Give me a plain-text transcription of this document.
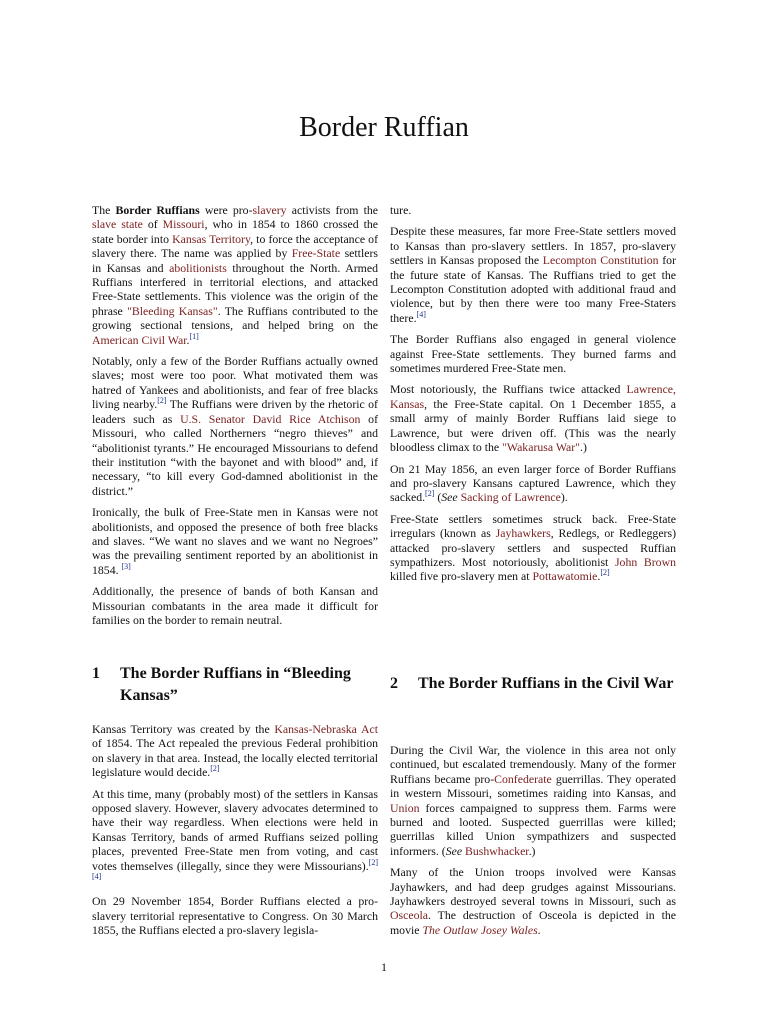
Border Ruffian

The Border Ruffians were pro-slavery activists from the slave state of Missouri, who in 1854 to 1860 crossed the state border into Kansas Territory, to force the acceptance of slavery there. The name was applied by Free-State settlers in Kansas and abolitionists throughout the North. Armed Ruffians interfered in territorial elections, and attacked Free-State settlements. This violence was the origin of the phrase "Bleeding Kansas". The Ruffians contributed to the growing sectional tensions, and helped bring on the American Civil War.[1]

Notably, only a few of the Border Ruffians actually owned slaves; most were too poor. What motivated them was hatred of Yankees and abolitionists, and fear of free blacks living nearby.[2] The Ruffians were driven by the rhetoric of leaders such as U.S. Senator David Rice Atchison of Missouri, who called Northerners “negro thieves” and “abolitionist tyrants.” He encouraged Missourians to defend their institution “with the bayonet and with blood” and, if necessary, “to kill every God-damned abolitionist in the district.”

Ironically, the bulk of Free-State men in Kansas were not abolitionists, and opposed the presence of both free blacks and slaves. “We want no slaves and we want no Negroes” was the prevailing sentiment reported by an abolitionist in 1854. [3]

Additionally, the presence of bands of both Kansan and Missourian combatants in the area made it difficult for families on the border to remain neutral.

ture.

Despite these measures, far more Free-State settlers moved to Kansas than pro-slavery settlers. In 1857, pro-slavery settlers in Kansas proposed the Lecompton Constitution for the future state of Kansas. The Ruffians tried to get the Lecompton Constitution adopted with additional fraud and violence, but by then there were too many Free-Staters there.[4]

The Border Ruffians also engaged in general violence against Free-State settlements. They burned farms and sometimes murdered Free-State men.

Most notoriously, the Ruffians twice attacked Lawrence, Kansas, the Free-State capital. On 1 December 1855, a small army of mainly Border Ruffians laid siege to Lawrence, but were driven off. (This was the nearly bloodless climax to the "Wakarusa War".)

On 21 May 1856, an even larger force of Border Ruffians and pro-slavery Kansans captured Lawrence, which they sacked.[2] (See Sacking of Lawrence).

Free-State settlers sometimes struck back. Free-State irregulars (known as Jayhawkers, Redlegs, or Redleggers) attacked pro-slavery settlers and suspected Ruffian sympathizers. Most notoriously, abolitionist John Brown killed five pro-slavery men at Pottawatomie.[2]

1 The Border Ruffians in “Bleeding Kansas”
2 The Border Ruffians in the Civil War

Kansas Territory was created by the Kansas-Nebraska Act of 1854. The Act repealed the previous Federal prohibition on slavery in that area. Instead, the locally elected territorial legislature would decide.[2]

At this time, many (probably most) of the settlers in Kansas opposed slavery. However, slavery advocates determined to have their way regardless. When elections were held in Kansas Territory, bands of armed Ruffians seized polling places, prevented Free-State men from voting, and cast votes themselves (illegally, since they were Missourians).[2][4]

On 29 November 1854, Border Ruffians elected a pro-slavery territorial representative to Congress. On 30 March 1855, the Ruffians elected a pro-slavery legisla-

During the Civil War, the violence in this area not only continued, but escalated tremendously. Many of the former Ruffians became pro-Confederate guerrillas. They operated in western Missouri, sometimes raiding into Kansas, and Union forces campaigned to suppress them. Farms were burned and looted. Suspected guerrillas were killed; guerrillas killed Union sympathizers and suspected informers. (See Bushwhacker.)

Many of the Union troops involved were Kansas Jayhawkers, and had deep grudges against Missourians. Jayhawkers destroyed several towns in Missouri, such as Osceola. The destruction of Osceola is depicted in the movie The Outlaw Josey Wales.

1
